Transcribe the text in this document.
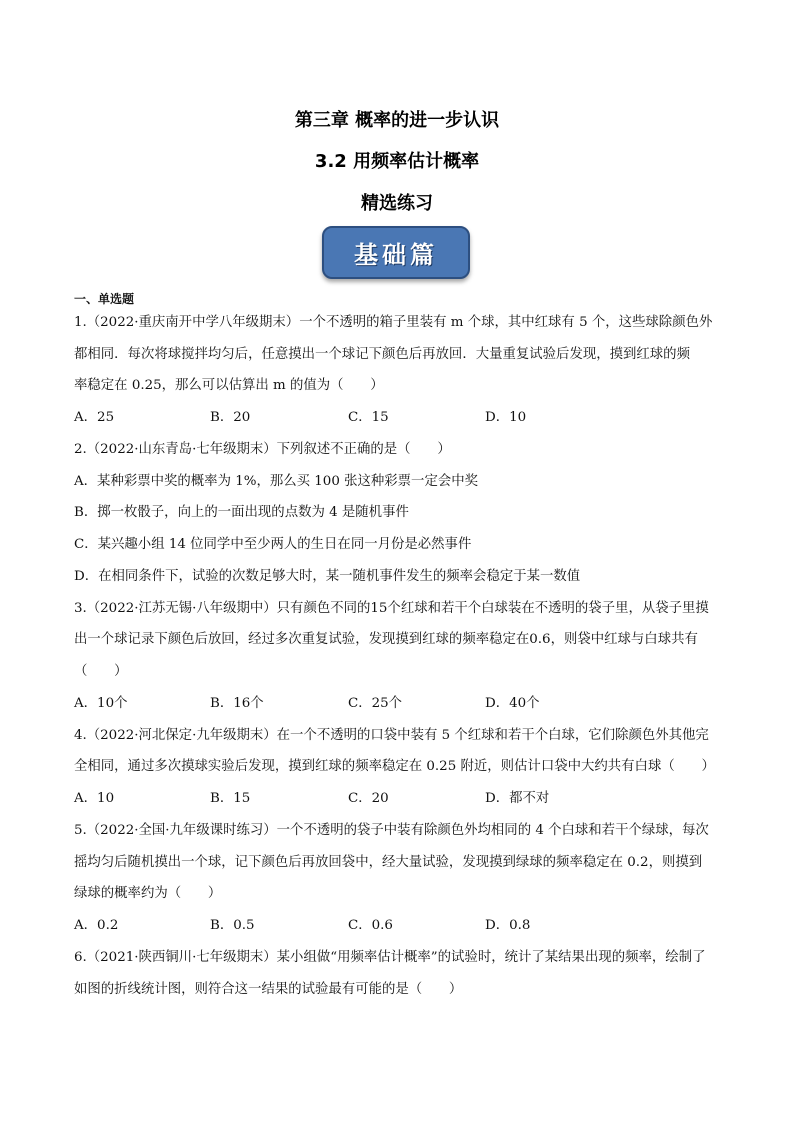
第三章 概率的进一步认识
3.2 用频率估计概率
精选练习
基础篇
一、单选题
1.（2022·重庆南开中学八年级期末）一个不透明的箱子里装有 m 个球，其中红球有 5 个，这些球除颜色外
都相同．每次将球搅拌均匀后，任意摸出一个球记下颜色后再放回．大量重复试验后发现，摸到红球的频
率稳定在 0.25，那么可以估算出 m 的值为（　　）
A．25	B．20	C．15	D．10
2.（2022·山东青岛·七年级期末）下列叙述不正确的是（　　）
A．某种彩票中奖的概率为 1%，那么买 100 张这种彩票一定会中奖
B．掷一枚骰子，向上的一面出现的点数为 4 是随机事件
C．某兴趣小组 14 位同学中至少两人的生日在同一月份是必然事件
D．在相同条件下，试验的次数足够大时，某一随机事件发生的频率会稳定于某一数值
3.（2022·江苏无锡·八年级期中）只有颜色不同的15个红球和若干个白球装在不透明的袋子里，从袋子里摸
出一个球记录下颜色后放回，经过多次重复试验，发现摸到红球的频率稳定在0.6，则袋中红球与白球共有
（　　）
A．10个	B．16个	C．25个	D．40个
4.（2022·河北保定·九年级期末）在一个不透明的口袋中装有 5 个红球和若干个白球，它们除颜色外其他完
全相同，通过多次摸球实验后发现，摸到红球的频率稳定在 0.25 附近，则估计口袋中大约共有白球（　　）
A．10	B．15	C．20	D．都不对
5.（2022·全国·九年级课时练习）一个不透明的袋子中装有除颜色外均相同的 4 个白球和若干个绿球，每次
摇均匀后随机摸出一个球，记下颜色后再放回袋中，经大量试验，发现摸到绿球的频率稳定在 0.2，则摸到
绿球的概率约为（　　）
A．0.2	B．0.5	C．0.6	D．0.8
6.（2021·陕西铜川·七年级期末）某小组做“用频率估计概率”的试验时，统计了某结果出现的频率，绘制了
如图的折线统计图，则符合这一结果的试验最有可能的是（　　）
